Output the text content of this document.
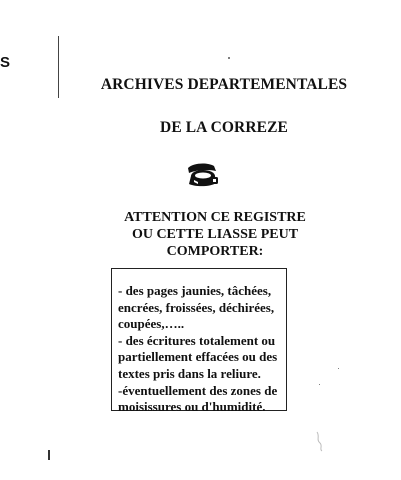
S
ARCHIVES DEPARTEMENTALES
DE LA CORREZE
ATTENTION CE REGISTRE
OU CETTE LIASSE PEUT
COMPORTER:
- des pages jaunies, tâchées,
encrées, froissées, déchirées,
coupées,…..
- des écritures totalement ou
partiellement effacées ou des
textes pris dans la reliure.
-éventuellement des zones de
moisissures ou d'humidité.
